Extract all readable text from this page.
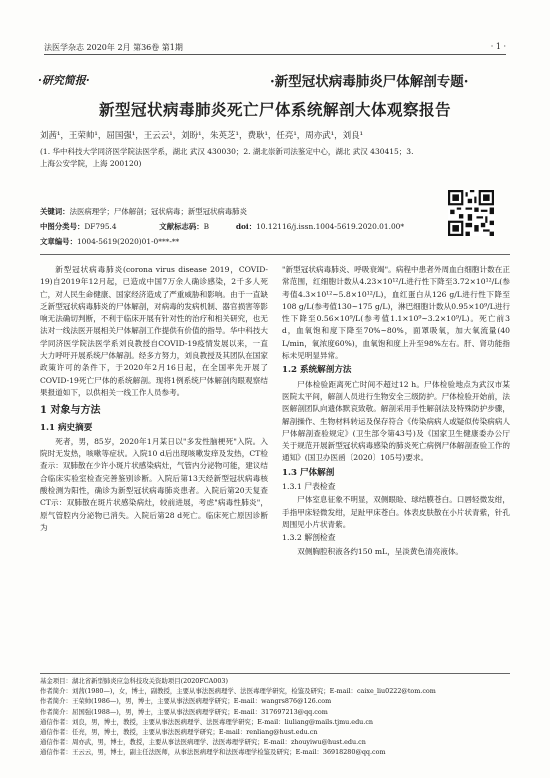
法医学杂志 2020年 2月 第36卷 第1期	· 1 ·
·研究简报·	·新型冠状病毒肺炎尸体解剖专题·
新型冠状病毒肺炎死亡尸体系统解剖大体观察报告
刘茜¹，王荣帅¹，屈国强¹，王云云¹，刘盼¹，朱英芝¹，费耿¹，任亮¹，周亦武¹，刘良¹
(1. 华中科技大学同济医学院法医学系，湖北 武汉 430030；2. 湖北崇新司法鉴定中心，湖北 武汉 430415；3. 上海公安学院，上海 200120)
关键词：法医病理学；尸体解剖；冠状病毒；新型冠状病毒肺炎
中图分类号：DF795.4	文献标志码：B	doi：10.12116/j.issn.1004-5619.2020.01.00*
文章编号：1004-5619(2020)01-0***-**

新型冠状病毒肺炎(corona virus disease 2019，COVID-19)自2019年12月起，已造成中国7万余人确诊感染，2千多人死亡，对人民生命健康、国家经济造成了严重威胁和影响。由于一直缺乏新型冠状病毒肺炎的尸体解剖，对病毒的发病机制、器官损害等影响无法确切判断，不利于临床开展有针对性的治疗和相关研究，也无法对一线法医开展相关尸体解剖工作提供有价值的指导。华中科技大学同济医学院法医学系刘良教授自COVID-19疫情发展以来，一直大力呼吁开展系统尸体解剖。经多方努力，刘良教授及其团队在国家政策许可的条件下，于2020年2月16日起，在全国率先开展了COVID-19死亡尸体的系统解剖。现将1例系统尸体解剖肉眼观察结果报道如下，以供相关一线工作人员参考。

1 对象与方法

1.1 病史摘要

死者，男，85岁，2020年1月某日以"多发性脑梗死"入院。入院时无发热，咳嗽等症状。入院10 d后出现咳嗽发痒及发热，CT检查示：双肺散在少许小斑片状感染病灶，气管内分泌物可能，建议结合临床实验室检查完善鉴别诊断。入院后第13天经新型冠状病毒核酸检测为阳性，确诊为新型冠状病毒肺炎患者。入院后第20天复查CT示：双肺散在斑片状感染病灶，较前进展，考虑"病毒性肺炎"，原气管腔内分泌物已消失。入院后第28 d死亡。临床死亡原因诊断为

"新型冠状病毒肺炎、呼吸衰竭"。病程中患者外周血白细胞计数在正常范围，红细胞计数从4.23×10¹²/L进行性下降至3.72×10¹²/L(参考值4.3×10¹²~5.8×10¹²/L)，血红蛋白从126 g/L进行性下降至108 g/L(参考值130~175 g/L)，淋巴细胞计数从0.95×10⁹/L进行性下降至0.56×10⁹/L(参考值1.1×10⁹~3.2×10⁹/L)。死亡前3 d，血氧饱和度下降至70%~80%，面罩吸氧，加大氧流量(40 L/min，氧浓度60%)，血氧饱和度上升至98%左右。肝、肾功能指标未见明显异常。

1.2 系统解剖方法

尸体检验距离死亡时间不超过12 h。尸体检验地点为武汉市某医院太平间，解剖人员进行生物安全三级防护。尸体检验开始前，法医解剖团队向遗体默哀致敬。解剖采用手性解剖法及特殊防护步骤，解剖操作、生物材料转运及保存符合《传染病病人或疑似传染病病人尸体解剖查验规定》(卫生部令第43号)及《国家卫生健康委办公厅关于规范开展新型冠状病毒感染的肺炎死亡病例尸体解剖查验工作的通知》(国卫办医函〔2020〕105号)要求。

1.3 尸体解剖

1.3.1 尸表检查

尸体室息征象不明显，双侧眼睑、球结膜苍白。口唇轻微发绀，手指甲床轻微发绀，足趾甲床苍白。体表皮肤散在小片状青紫，针孔周围见小片状青紫。

1.3.2 解剖检查

双侧胸腔积液各约150 mL，呈淡黄色清亮液体。

基金项目：湖北省新型肺炎应急科技攻关资助项目(2020FCA003)
作者简介：刘茜(1980—)，女，博士，副教授，主要从事法医病理学、法医毒理学研究，检鉴及研究；E-mail：caixe_liu0222@tom.com
作者简介：王荣帅(1986—)，男，博士，主要从事法医病理学研究；E-mail：wangrs876@126.com
作者简介：屈国强(1988—)，男，博士，主要从事法医病理学研究；E-mail：317697213@qq.com
通信作者：刘良，男，博士，教授，主要从事法医病理学、法医毒理学研究；E-mail：liuliang@mails.tjmu.edu.cn
通信作者：任亮，男，博士，教授，主要从事法医病理学研究；E-mail：renliang@hust.edu.cn
通信作者：周亦武，男，博士，教授，主要从事法医病理学、法医毒理学研究；E-mail：zhouyiwu@hust.edu.cn
通信作者：王云云，男，博士，副主任法医师，从事法医病理学和法医毒理学检鉴及研究；E-mail：36918280@qq.com
